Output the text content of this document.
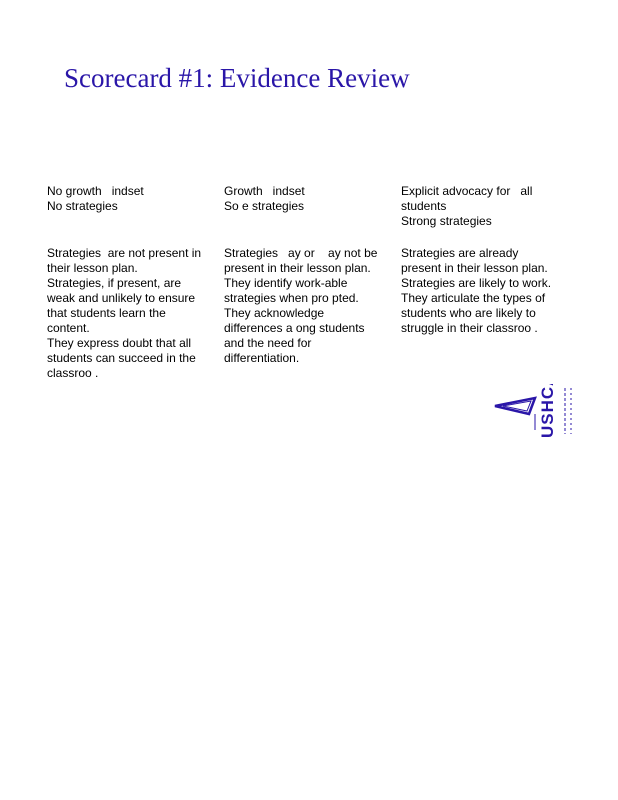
Scorecard #1: Evidence Review
No growth   indset
No strategies
Strategies  are not present in their lesson plan.
Strategies, if present, are weak and unlikely to ensure that students learn the content.
They express doubt that all students can succeed in the classroo .
Growth   indset
So e strategies
Strategies   ay or    ay not be present in their lesson plan.
They identify work-able strategies when pro pted.
They acknowledge differences a ong students and the need for differentiation.
Explicit advocacy for   all students
Strong strategies
Strategies are already present in their lesson plan.
Strategies are likely to work.
They articulate the types of students who are likely to struggle in their classroo .
USHCA
